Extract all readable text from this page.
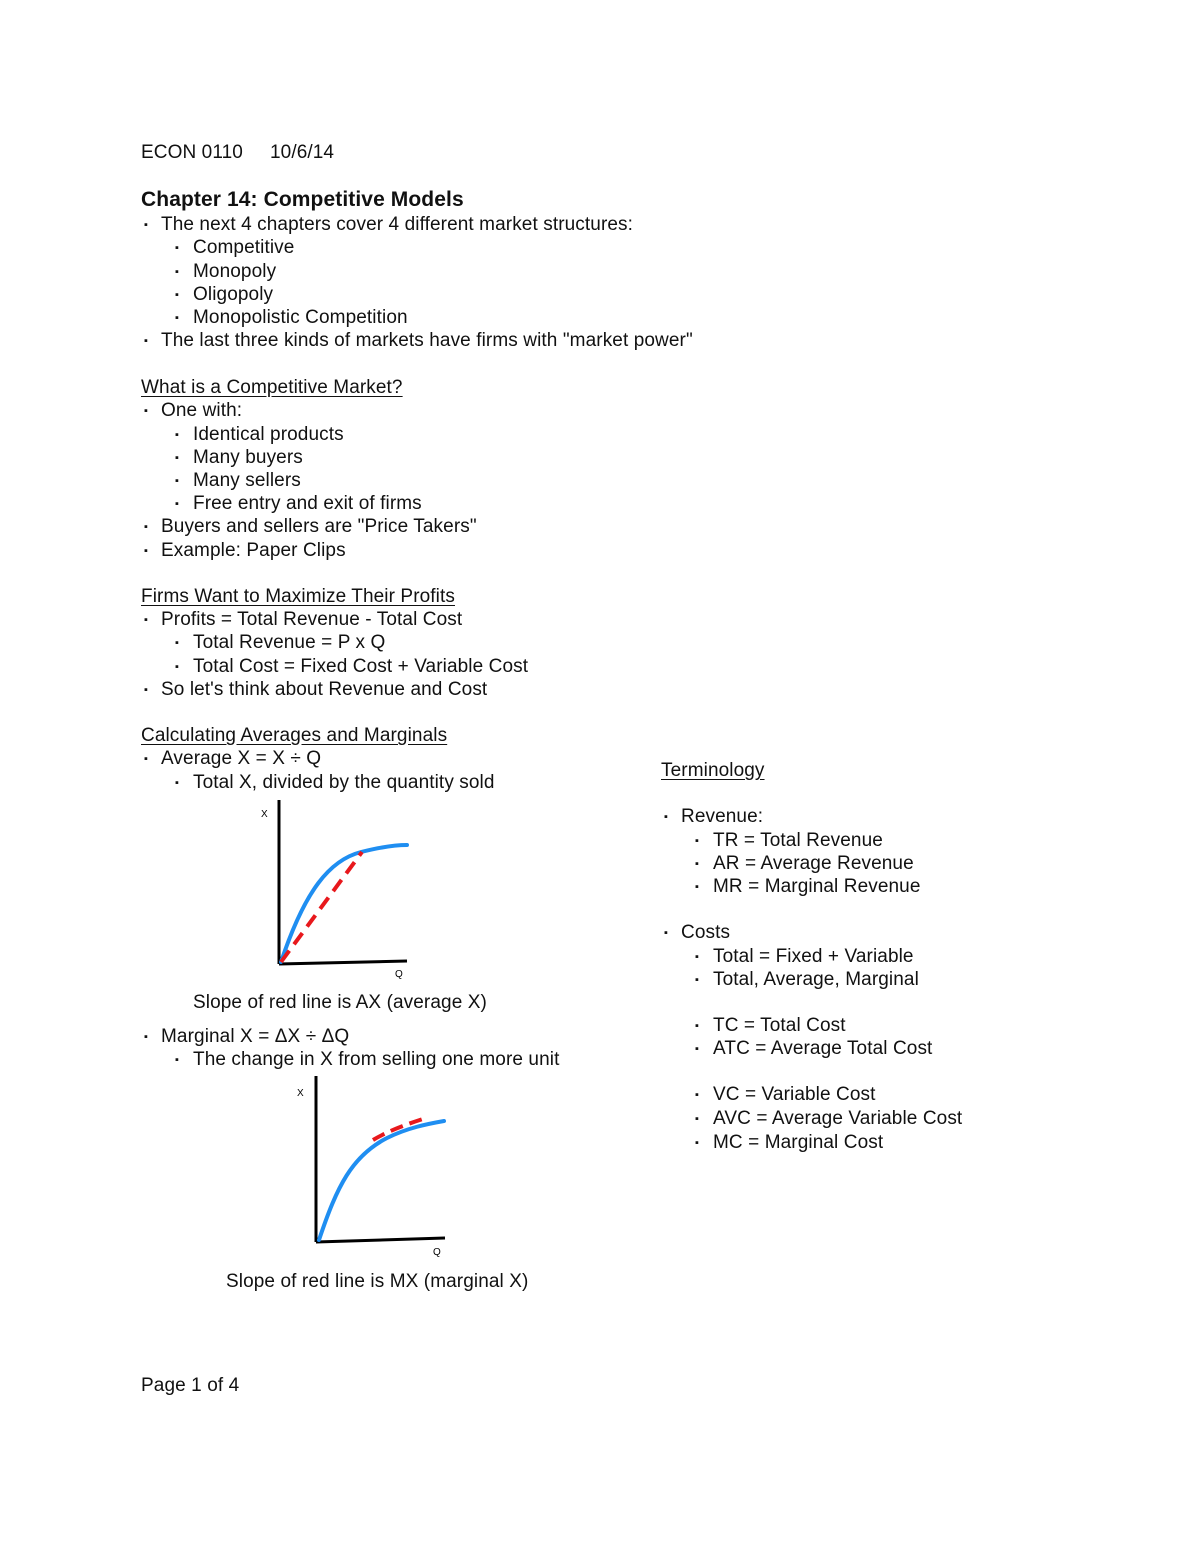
ECON 0110 10/6/14
Chapter 14: Competitive Models
▪ The next 4 chapters cover 4 different market structures:
▪ Competitive
▪ Monopoly
▪ Oligopoly
▪ Monopolistic Competition
▪ The last three kinds of markets have firms with "market power"
What is a Competitive Market?
▪ One with:
▪ Identical products
▪ Many buyers
▪ Many sellers
▪ Free entry and exit of firms
▪ Buyers and sellers are "Price Takers"
▪ Example: Paper Clips
Firms Want to Maximize Their Profits
▪ Profits = Total Revenue - Total Cost
▪ Total Revenue = P x Q
▪ Total Cost = Fixed Cost + Variable Cost
▪ So let's think about Revenue and Cost
Calculating Averages and Marginals
▪ Average X = X ÷ Q
▪ Total X, divided by the quantity sold
X
Q
Slope of red line is AX (average X)
▪ Marginal X = ΔX ÷ ΔQ
▪ The change in X from selling one more unit
X
Q
Slope of red line is MX (marginal X)
Terminology
▪ Revenue:
▪ TR = Total Revenue
▪ AR = Average Revenue
▪ MR = Marginal Revenue
▪ Costs
▪ Total = Fixed + Variable
▪ Total, Average, Marginal
▪ TC = Total Cost
▪ ATC = Average Total Cost
▪ VC = Variable Cost
▪ AVC = Average Variable Cost
▪ MC = Marginal Cost
Page 1 of 4
